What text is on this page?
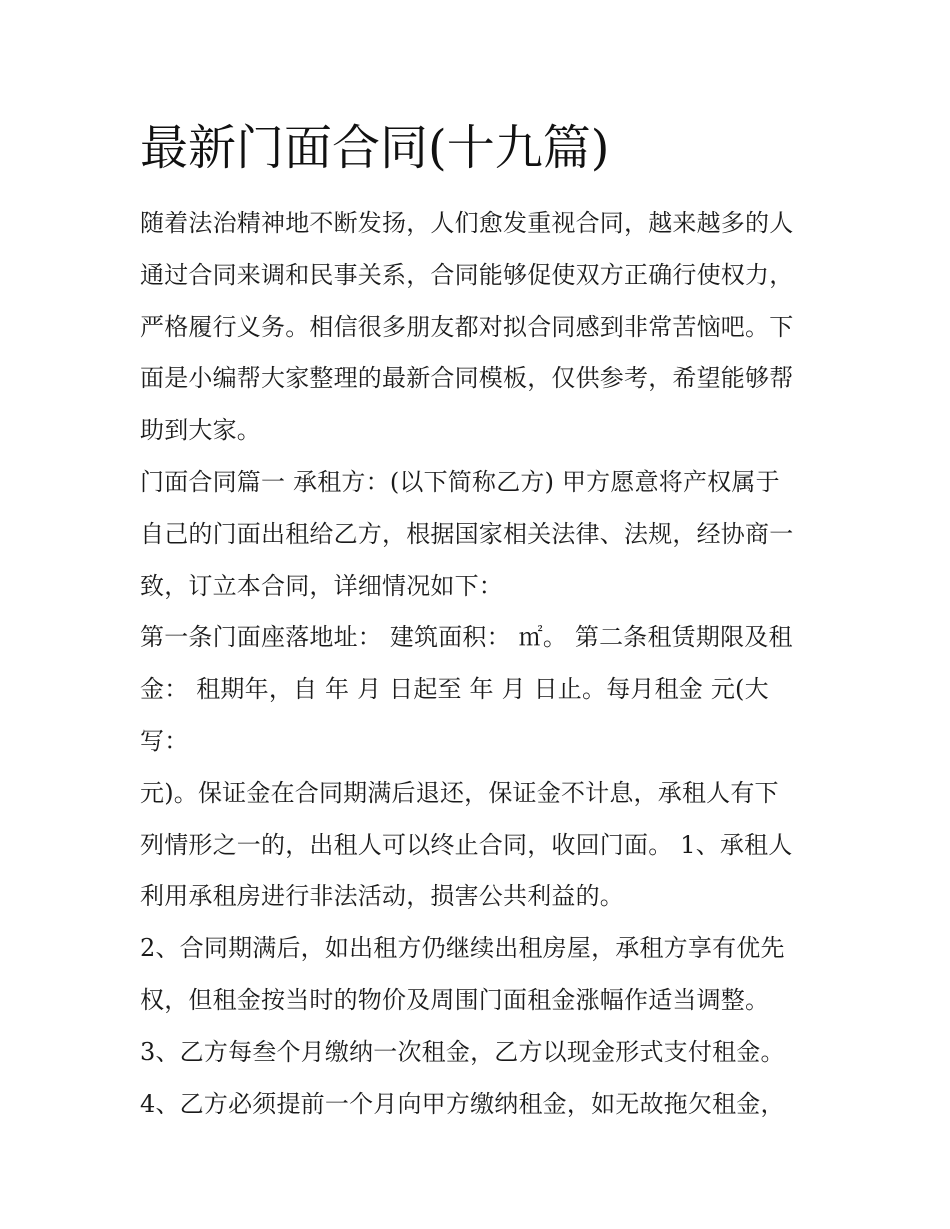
最新门面合同(十九篇)
随着法治精神地不断发扬，人们愈发重视合同，越来越多的人
通过合同来调和民事关系，合同能够促使双方正确行使权力，
严格履行义务。相信很多朋友都对拟合同感到非常苦恼吧。下
面是小编帮大家整理的最新合同模板，仅供参考，希望能够帮
助到大家。
门面合同篇一 承租方：(以下简称乙方) 甲方愿意将产权属于
自己的门面出租给乙方，根据国家相关法律、法规，经协商一
致，订立本合同，详细情况如下：
第一条门面座落地址： 建筑面积： ㎡。 第二条租赁期限及租
金： 租期年，自 年 月 日起至 年 月 日止。每月租金 元(大
写：
元)。保证金在合同期满后退还，保证金不计息，承租人有下
列情形之一的，出租人可以终止合同，收回门面。 1、承租人
利用承租房进行非法活动，损害公共利益的。
2、合同期满后，如出租方仍继续出租房屋，承租方享有优先
权，但租金按当时的物价及周围门面租金涨幅作适当调整。
3、乙方每叁个月缴纳一次租金，乙方以现金形式支付租金。
4、乙方必须提前一个月向甲方缴纳租金，如无故拖欠租金，
